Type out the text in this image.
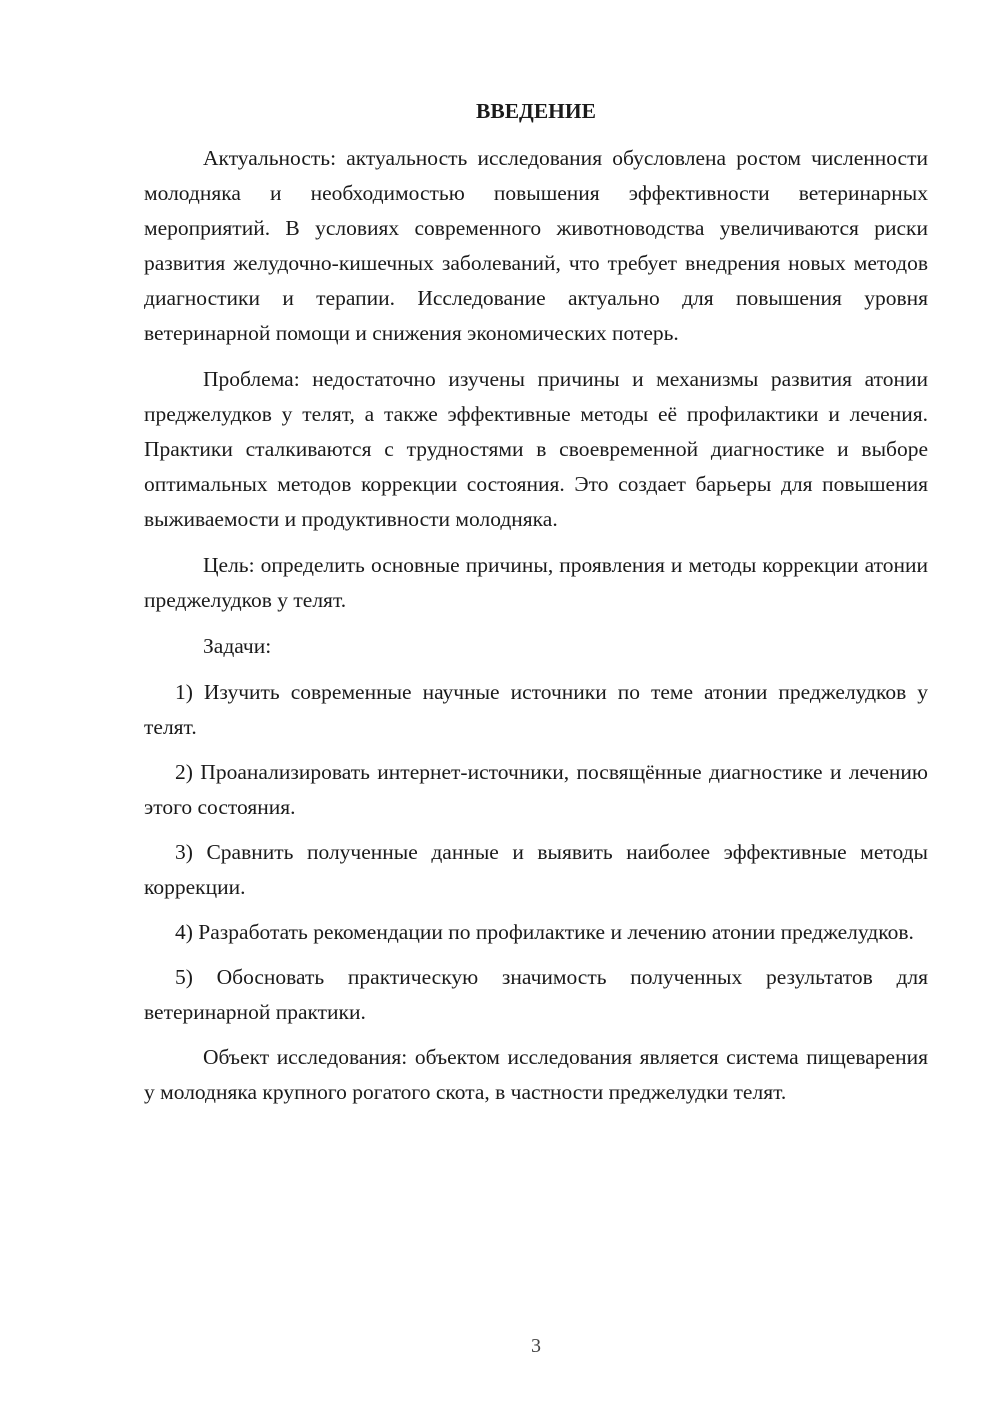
ВВЕДЕНИЕ

Актуальность: актуальность исследования обусловлена ростом численности молодняка и необходимостью повышения эффективности ветеринарных мероприятий. В условиях современного животноводства увеличиваются риски развития желудочно-кишечных заболеваний, что требует внедрения новых методов диагностики и терапии. Исследование актуально для повышения уровня ветеринарной помощи и снижения экономических потерь.

Проблема: недостаточно изучены причины и механизмы развития атонии преджелудков у телят, а также эффективные методы её профилактики и лечения. Практики сталкиваются с трудностями в своевременной диагностике и выборе оптимальных методов коррекции состояния. Это создает барьеры для повышения выживаемости и продуктивности молодняка.

Цель: определить основные причины, проявления и методы коррекции атонии преджелудков у телят.

Задачи:

1) Изучить современные научные источники по теме атонии преджелудков у телят.

2) Проанализировать интернет-источники, посвящённые диагностике и лечению этого состояния.

3) Сравнить полученные данные и выявить наиболее эффективные методы коррекции.

4) Разработать рекомендации по профилактике и лечению атонии преджелудков.

5) Обосновать практическую значимость полученных результатов для ветеринарной практики.

Объект исследования: объектом исследования является система пищеварения у молодняка крупного рогатого скота, в частности преджелудки телят.

3
